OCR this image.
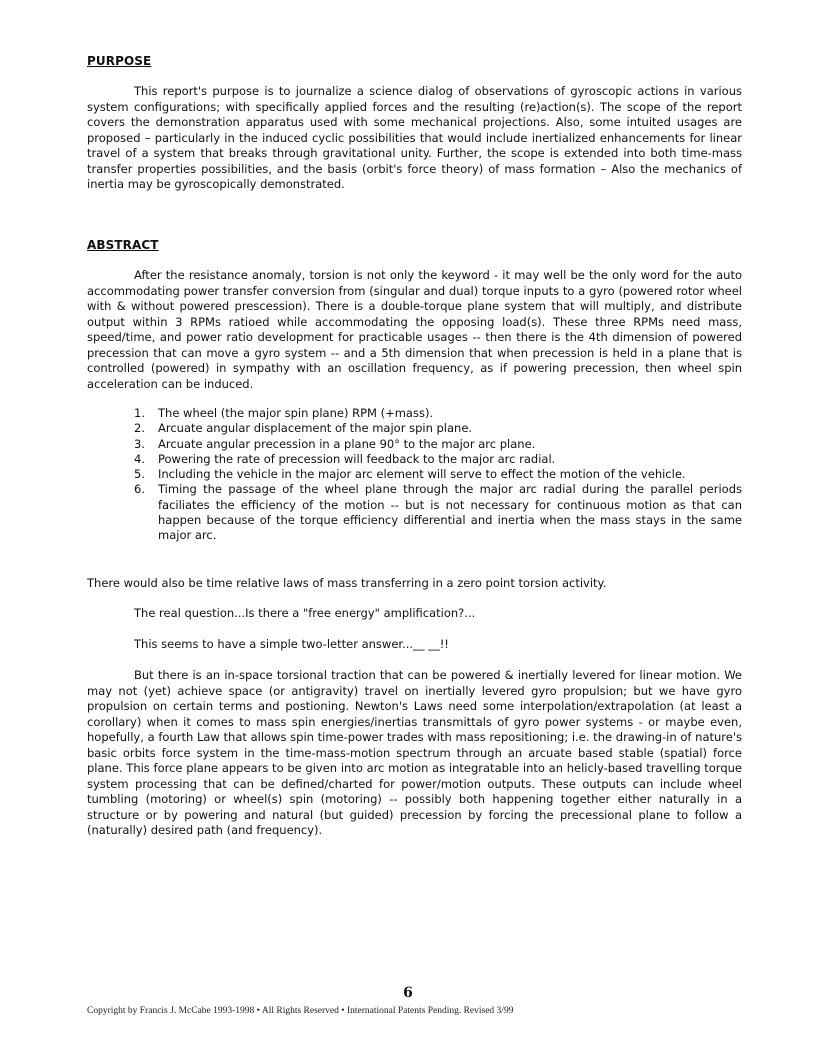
PURPOSE

This report's purpose is to journalize a science dialog of observations of gyroscopic actions in various system configurations; with specifically applied forces and the resulting (re)action(s). The scope of the report covers the demonstration apparatus used with some mechanical projections. Also, some intuited usages are proposed – particularly in the induced cyclic possibilities that would include inertialized enhancements for linear travel of a system that breaks through gravitational unity. Further, the scope is extended into both time-mass transfer properties possibilities, and the basis (orbit's force theory) of mass formation – Also the mechanics of inertia may be gyroscopically demonstrated.

ABSTRACT

After the resistance anomaly, torsion is not only the keyword - it may well be the only word for the auto accommodating power transfer conversion from (singular and dual) torque inputs to a gyro (powered rotor wheel with & without powered prescession). There is a double-torque plane system that will multiply, and distribute output within 3 RPMs ratioed while accommodating the opposing load(s). These three RPMs need mass, speed/time, and power ratio development for practicable usages -- then there is the 4th dimension of powered precession that can move a gyro system -- and a 5th dimension that when precession is held in a plane that is controlled (powered) in sympathy with an oscillation frequency, as if powering precession, then wheel spin acceleration can be induced.

1. The wheel (the major spin plane) RPM (+mass).
2. Arcuate angular displacement of the major spin plane.
3. Arcuate angular precession in a plane 90° to the major arc plane.
4. Powering the rate of precession will feedback to the major arc radial.
5. Including the vehicle in the major arc element will serve to effect the motion of the vehicle.
6. Timing the passage of the wheel plane through the major arc radial during the parallel periods faciliates the efficiency of the motion -- but is not necessary for continuous motion as that can happen because of the torque efficiency differential and inertia when the mass stays in the same major arc.

There would also be time relative laws of mass transferring in a zero point torsion activity.

The real question...Is there a "free energy" amplification?...

This seems to have a simple two-letter answer...__ __!!

But there is an in-space torsional traction that can be powered & inertially levered for linear motion. We may not (yet) achieve space (or antigravity) travel on inertially levered gyro propulsion; but we have gyro propulsion on certain terms and postioning. Newton's Laws need some interpolation/extrapolation (at least a corollary) when it comes to mass spin energies/inertias transmittals of gyro power systems - or maybe even, hopefully, a fourth Law that allows spin time-power trades with mass repositioning; i.e. the drawing-in of nature's basic orbits force system in the time-mass-motion spectrum through an arcuate based stable (spatial) force plane. This force plane appears to be given into arc motion as integratable into an helicly-based travelling torque system processing that can be defined/charted for power/motion outputs. These outputs can include wheel tumbling (motoring) or wheel(s) spin (motoring) -- possibly both happening together either naturally in a structure or by powering and natural (but guided) precession by forcing the precessional plane to follow a (naturally) desired path (and frequency).

6
Copyright by Francis J. McCabe 1993-1998 • All Rights Reserved • International Patents Pending. Revised 3/99
